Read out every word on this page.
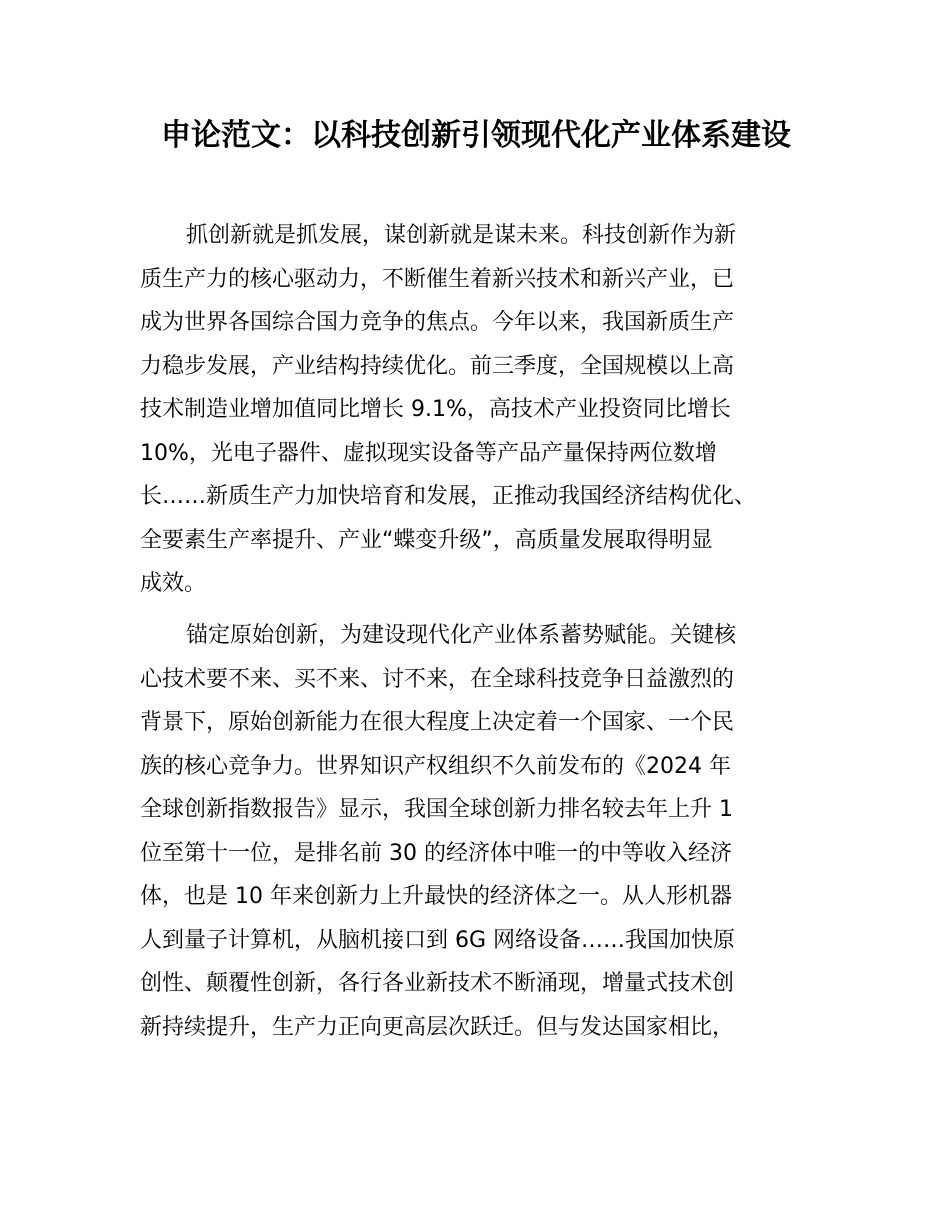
申论范文：以科技创新引领现代化产业体系建设
抓创新就是抓发展，谋创新就是谋未来。科技创新作为新
质生产力的核心驱动力，不断催生着新兴技术和新兴产业，已
成为世界各国综合国力竞争的焦点。今年以来，我国新质生产
力稳步发展，产业结构持续优化。前三季度，全国规模以上高
技术制造业增加值同比增长 9.1%，高技术产业投资同比增长
10%，光电子器件、虚拟现实设备等产品产量保持两位数增
长……新质生产力加快培育和发展，正推动我国经济结构优化、
全要素生产率提升、产业“蝶变升级”，高质量发展取得明显
成效。
锚定原始创新，为建设现代化产业体系蓄势赋能。关键核
心技术要不来、买不来、讨不来，在全球科技竞争日益激烈的
背景下，原始创新能力在很大程度上决定着一个国家、一个民
族的核心竞争力。世界知识产权组织不久前发布的《2024 年
全球创新指数报告》显示，我国全球创新力排名较去年上升 1
位至第十一位，是排名前 30 的经济体中唯一的中等收入经济
体，也是 10 年来创新力上升最快的经济体之一。从人形机器
人到量子计算机，从脑机接口到 6G 网络设备……我国加快原
创性、颠覆性创新，各行各业新技术不断涌现，增量式技术创
新持续提升，生产力正向更高层次跃迁。但与发达国家相比，
